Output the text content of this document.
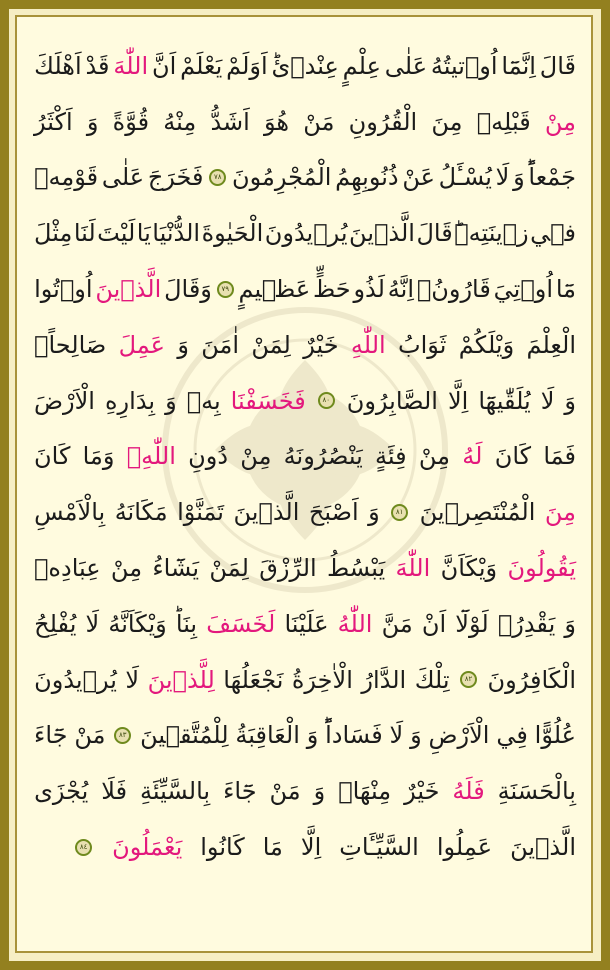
قَالَ
اِنَّمَٓا
اُو۫تيتُهُ
عَلٰى
عِلْمٍ
عِنْد۪ئؕ
اَوَلَمْ
يَعْلَمْ
اَنَّ
اللّٰهَ
قَدْ
اَهْلَكَ
مِنْ
قَبْلِه۪
مِنَ
الْقُرُونِ
مَنْ
هُوَ
اَشَدُّ
مِنْهُ
قُوَّةً
وَ
اَكْثَرُ
جَمْعاًؕ
وَ
لَا
يُسْـَٔلُ
عَنْ
ذُنُوبِهِمُ
الْمُجْرِمُونَ
٧٨
فَخَرَجَ
عَلٰى
قَوْمِه۪
ف۪ي
ز۪ينَتِه۪ؕ
قَالَ
الَّذ۪ينَ
يُر۪يدُونَ
الْحَيٰوةَ
الدُّنْيَا
يَا
لَيْتَ
لَنَا
مِثْلَ
مَٓا
اُو۫تِيَ
قَارُونُۙ
اِنَّهُ
لَذُو
حَظٍّ
عَظ۪يمٍ
٧٩
وَقَالَ
الَّذ۪ينَ
اُو۫تُوا
الْعِلْمَ
وَيْلَكُمْ
ثَوَابُ
اللّٰهِ
خَيْرٌ
لِمَنْ
اٰمَنَ
وَ
عَمِلَ
صَالِحاًۚ
وَ
لَا
يُلَقّٰيهَٓا
اِلَّا
الصَّابِرُونَ
٨٠
فَخَسَفْنَا
بِه۪
وَ
بِدَارِهِ
الْاَرْضَ
فَمَا
كَانَ
لَهُ
مِنْ
فِئَةٍ
يَنْصُرُونَهُ
مِنْ
دُونِ
اللّٰهِۗ
وَمَا
كَانَ
مِنَ
الْمُنْتَصِر۪ينَ
٨١
وَ
اَصْبَحَ
الَّذ۪ينَ
تَمَنَّوْا
مَكَانَهُ
بِالْاَمْسِ
يَقُولُونَ
وَيْكَاَنَّ
اللّٰهَ
يَبْسُطُ
الرِّزْقَ
لِمَنْ
يَشَٓاءُ
مِنْ
عِبَادِه۪
وَ
يَقْدِرُۚ
لَوْلَٓا
اَنْ
مَنَّ
اللّٰهُ
عَلَيْنَا
لَخَسَفَ
بِنَاؕ
وَيْكَاَنَّهُ
لَا
يُفْلِحُ
الْكَافِرُونَ
٨٢
تِلْكَ
الدَّارُ
الْاٰخِرَةُ
نَجْعَلُهَا
لِلَّذ۪ينَ
لَا
يُر۪يدُونَ
عُلُوًّا
فِي
الْاَرْضِ
وَ
لَا
فَسَاداًؕ
وَ
الْعَاقِبَةُ
لِلْمُتَّق۪ينَ
٨٣
مَنْ
جَٓاءَ
بِالْحَسَنَةِ
فَلَهُ
خَيْرٌ
مِنْهَاۚ
وَ
مَنْ
جَٓاءَ
بِالسَّيِّئَةِ
فَلَا
يُجْزَى
الَّذ۪ينَ
عَمِلُوا
السَّيِّـَٔاتِ
اِلَّا
مَا
كَانُوا
يَعْمَلُونَ
٨٤
